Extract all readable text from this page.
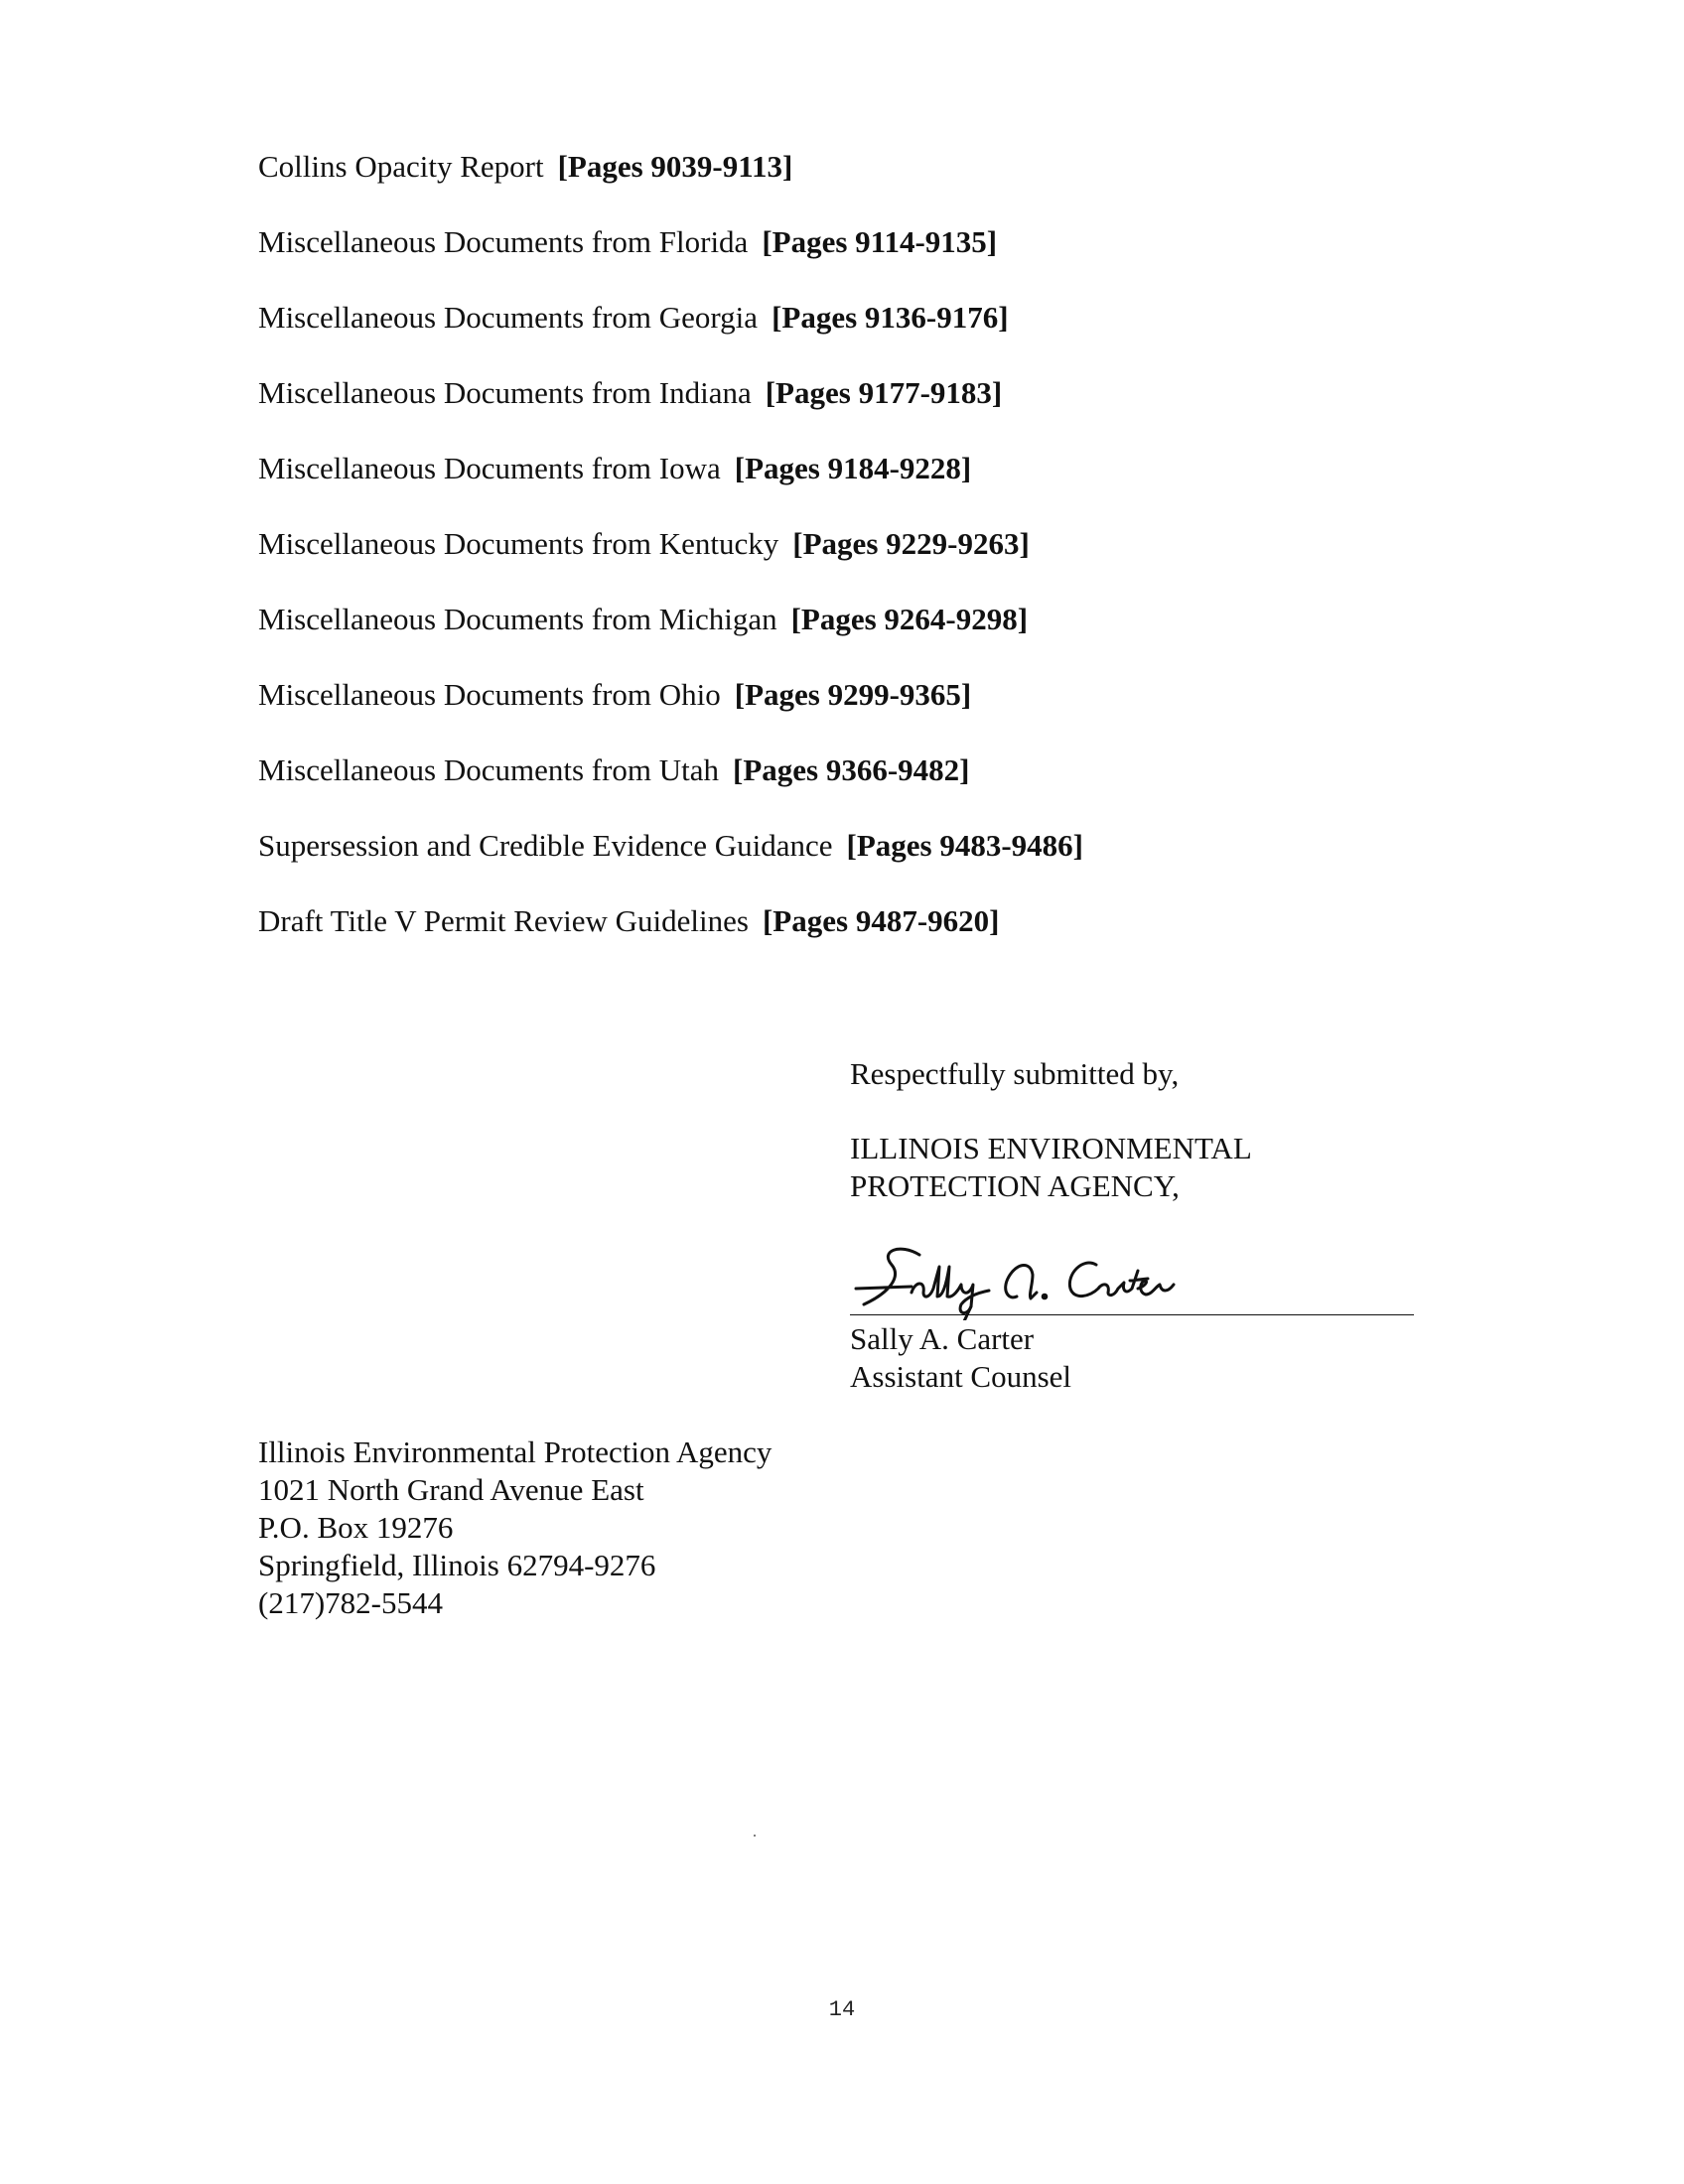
Collins Opacity Report [Pages 9039-9113]
Miscellaneous Documents from Florida [Pages 9114-9135]
Miscellaneous Documents from Georgia [Pages 9136-9176]
Miscellaneous Documents from Indiana [Pages 9177-9183]
Miscellaneous Documents from Iowa [Pages 9184-9228]
Miscellaneous Documents from Kentucky [Pages 9229-9263]
Miscellaneous Documents from Michigan [Pages 9264-9298]
Miscellaneous Documents from Ohio [Pages 9299-9365]
Miscellaneous Documents from Utah [Pages 9366-9482]
Supersession and Credible Evidence Guidance [Pages 9483-9486]
Draft Title V Permit Review Guidelines [Pages 9487-9620]
Respectfully submitted by,
ILLINOIS ENVIRONMENTAL
PROTECTION AGENCY,
Sally A. Carter
Assistant Counsel
Illinois Environmental Protection Agency
1021 North Grand Avenue East
P.O. Box 19276
Springfield, Illinois 62794-9276
(217)782-5544
14
